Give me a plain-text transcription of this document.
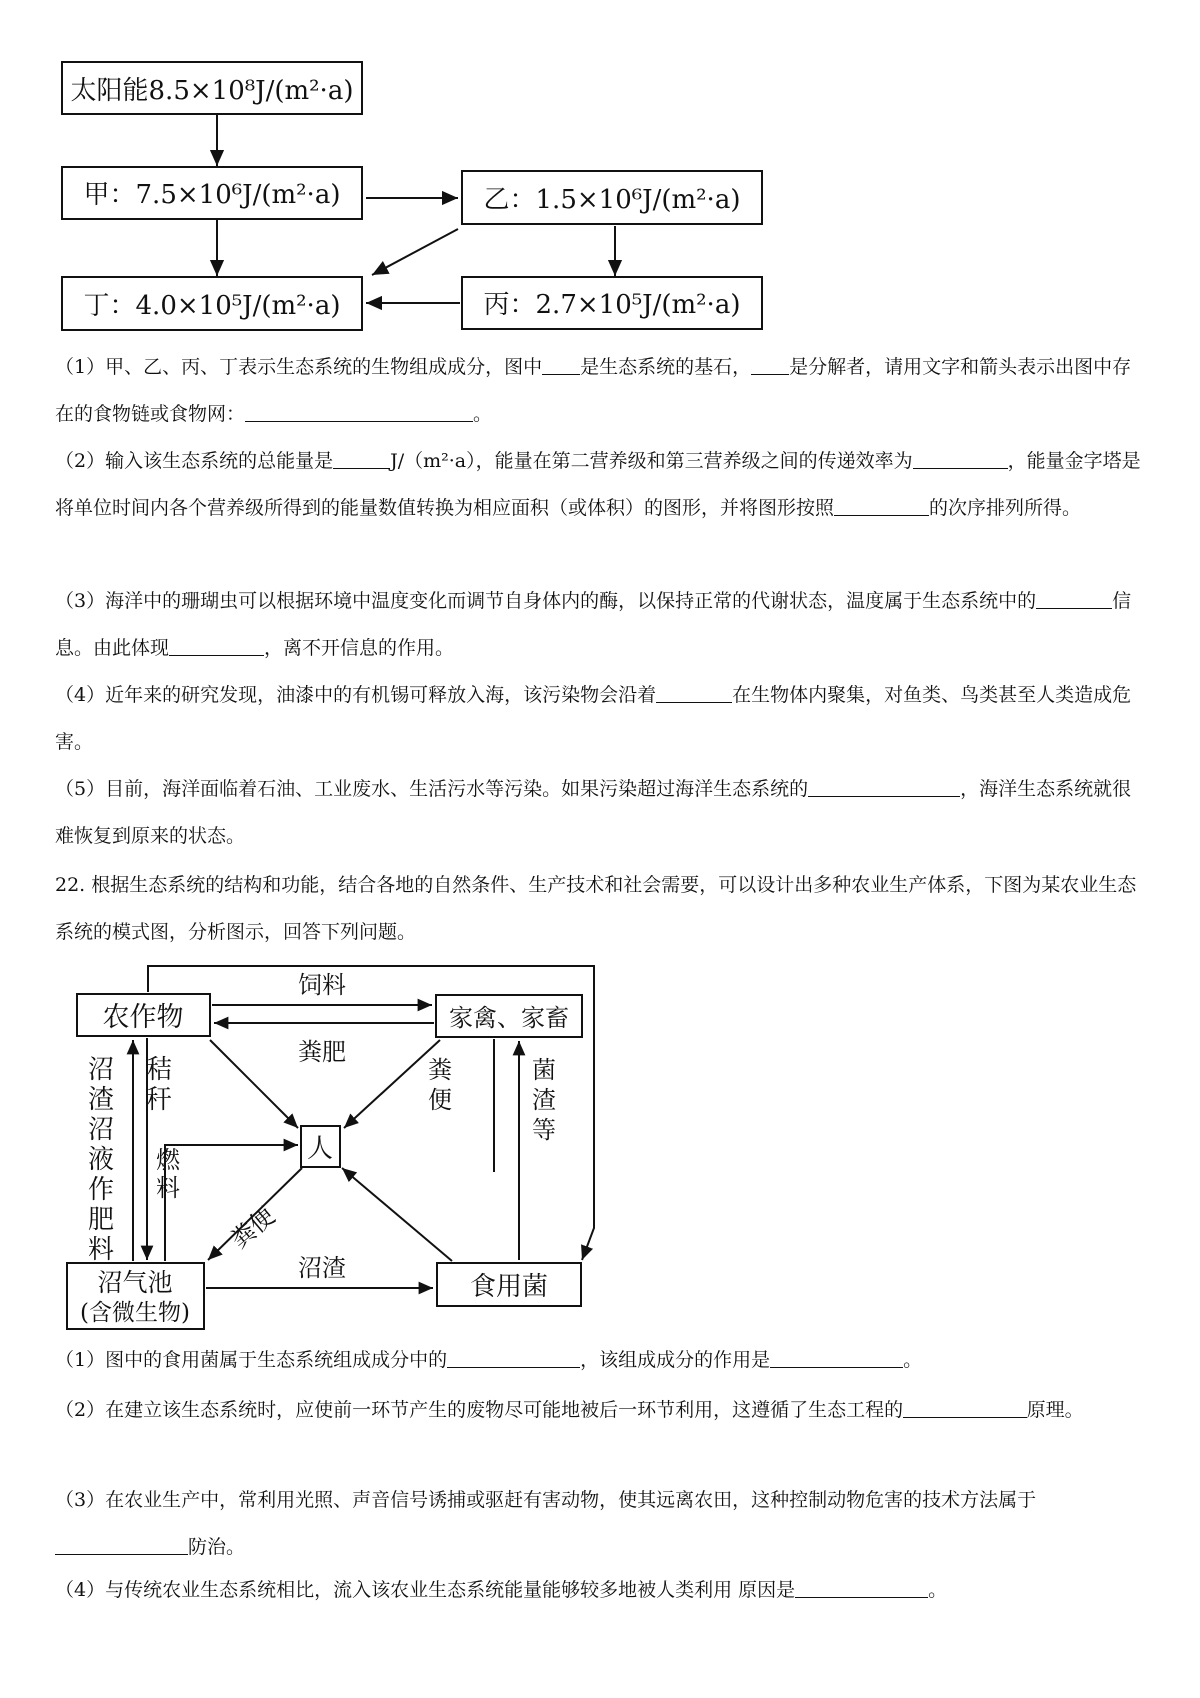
太阳能8.5×10⁸J/(m²·a)
甲：7.5×10⁶J/(m²·a)	乙：1.5×10⁶J/(m²·a)
丁：4.0×10⁵J/(m²·a)	丙：2.7×10⁵J/(m²·a)

（1）甲、乙、丙、丁表示生态系统的生物组成成分，图中 是生态系统的基石， 是分解者，请用文字和箭头表示出图中存在的食物链或食物网：	。

（2）输入该生态系统的总能量是	J/（m²·a），能量在第二营养级和第三营养级之间的传递效率为	，能量金字塔是将单位时间内各个营养级所得到的能量数值转换为相应面积（或体积）的图形，并将图形按照	的次序排列所得。

（3）海洋中的珊瑚虫可以根据环境中温度变化而调节自身体内的酶，以保持正常的代谢状态，温度属于生态系统中的	信息。由此体现	，离不开信息的作用。

（4）近年来的研究发现，油漆中的有机锡可释放入海，该污染物会沿着	在生物体内聚集，对鱼类、鸟类甚至人类造成危害。

（5）目前，海洋面临着石油、工业废水、生活污水等污染。如果污染超过海洋生态系统的	，海洋生态系统就很难恢复到原来的状态。

22. 根据生态系统的结构和功能，结合各地的自然条件、生产技术和社会需要，可以设计出多种农业生产体系，下图为某农业生态系统的模式图，分析图示，回答下列问题。

农作物	家禽、家畜
人
沼气池
(含微生物)
食用菌
饲料
粪肥
秸秆
沼渣沼液作肥料
燃料
粪便
沼渣
粪便
菌渣等

（1）图中的食用菌属于生态系统组成成分中的	，该组成成分的作用是	。

（2）在建立该生态系统时，应使前一环节产生的废物尽可能地被后一环节利用，这遵循了生态工程的	原理。

（3）在农业生产中，常利用光照、声音信号诱捕或驱赶有害动物，使其远离农田，这种控制动物危害的技术方法属于防治。

（4）与传统农业生态系统相比，流入该农业生态系统能量能够较多地被人类利用 原因是	。
